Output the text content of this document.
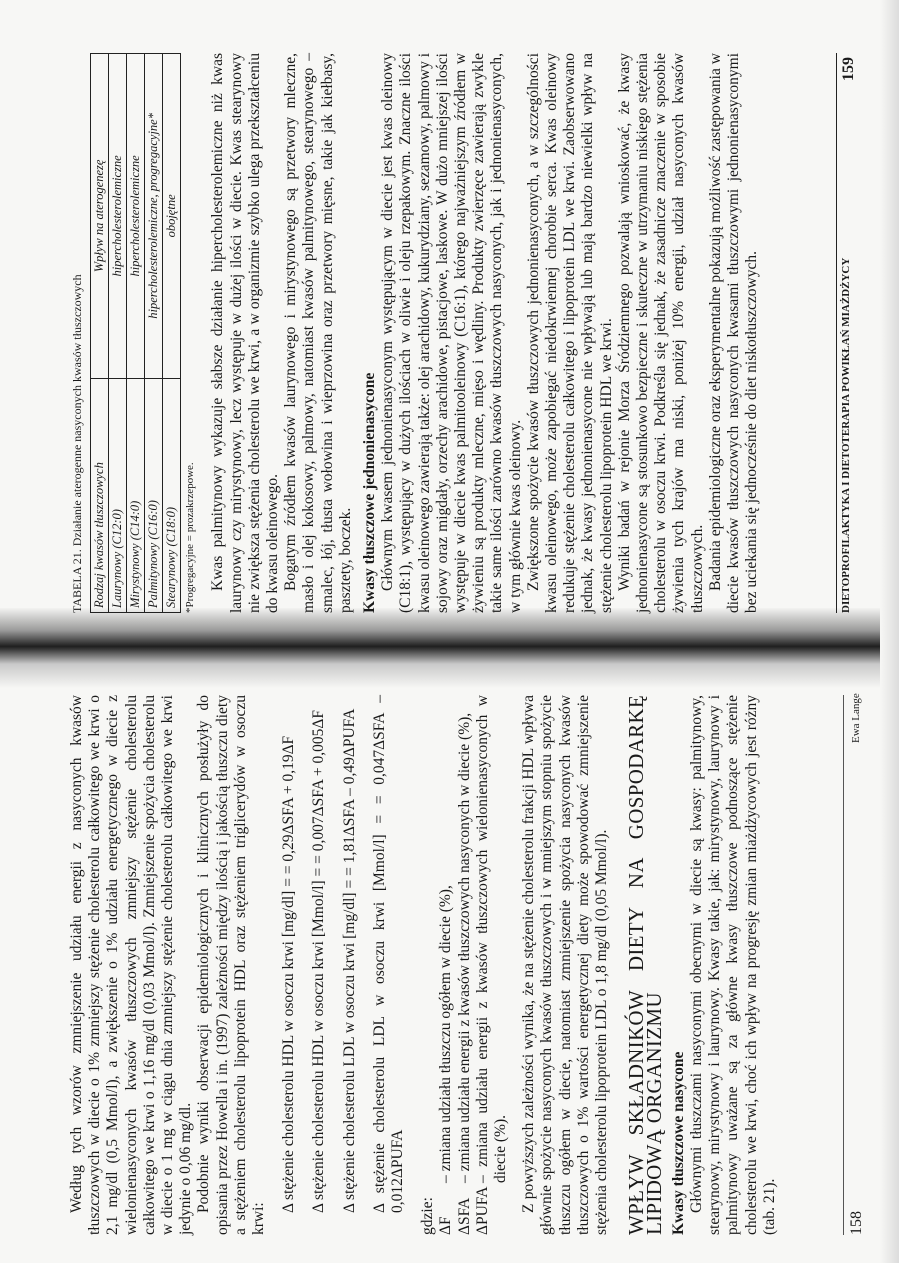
Według tych wzorów zmniejszenie udziału energii z nasyconych kwasów tłuszczowych w diecie o 1% zmniejszy stężenie cholesterolu całkowitego we krwi o 2,1 mg/dl (0,5 Mmol/l), a zwiększenie o 1% udziału energetycznego w diecie z wielonienasyconych kwasów tłuszczowych zmniejszy stężenie cholesterolu całkowitego we krwi o 1,16 mg/dl (0,03 Mmol/l). Zmniejszenie spożycia cholesterolu w diecie o 1 mg w ciągu dnia zmniejszy stężenie cholesterolu całkowitego we krwi jedynie o 0,06 mg/dl. Podobnie wyniki obserwacji epidemiologicznych i klinicznych posłużyły do opisania przez Howella i in. (1997) zależności między ilością i jakością tłuszczu diety a stężeniem cholesterolu lipoprotein HDL oraz stężeniem triglicerydów w osoczu krwi:

Δ stężenie cholesterolu HDL w osoczu krwi [mg/dl] = = 0,29ΔSFA + 0,19ΔF Δ stężenie cholesterolu HDL w osoczu krwi [Mmol/l] = = 0,007ΔSFA + 0,005ΔF Δ stężenie cholesterolu LDL w osoczu krwi [mg/dl] = = 1,81ΔSFA – 0,49ΔPUFA Δ stężenie cholesterolu LDL w osoczu krwi [Mmol/l] = = 0,047ΔSFA – 0,012ΔPUFA

gdzie: ΔF
– zmiana udziału tłuszczu ogółem w diecie (%),
ΔSFA
– zmiana udziału energii z kwasów tłuszczowych nasyconych w diecie (%),
ΔPUFA
– zmiana udziału energii z kwasów tłuszczowych wielonienasyconych w diecie (%). Z powyższych zależności wynika, że na stężenie cholesterolu frakcji HDL wpływa głównie spożycie nasyconych kwasów tłuszczowych i w mniejszym stopniu spożycie tłuszczu ogółem w diecie, natomiast zmniejszenie spożycia nasyconych kwasów tłuszczowych o 1% wartości energetycznej diety może spowodować zmniejszenie stężenia cholesterolu lipoprotein LDL o 1,8 mg/dl (0,05 Mmol/l). WPŁYW SKŁADNIKÓW DIETY NA GOSPODARKĘ LIPIDOWĄ ORGANIZMU Kwasy tłuszczowe nasycone Głównymi tłuszczami nasyconymi obecnymi w diecie są kwasy: palmitynowy, stearynowy, mirystynowy i laurynowy. Kwasy takie, jak: mirystynowy, laurynowy i palmitynowy uważane są za główne kwasy tłuszczowe podnoszące stężenie cholesterolu we krwi, choć ich wpływ na progresję zmian miażdżycowych jest różny (tab. 21).	158
Ewa Lange

TABELA 21. Działanie aterogenne nasyconych kwasów tłuszczowych Rodzaj kwasów tłuszczowych	Wpływ na aterogenezę
Laurynowy (C12:0)	hipercholesterolemiczne
Mirystynowy (C14:0)	hipercholesterolemiczne
Palmitynowy (C16:0)	hipercholesterolemiczne, progregacyjne*
Stearynowy (C18:0)	obojętne

*Progregacyjne = prozakrzepowe. Kwas palmitynowy wykazuje słabsze działanie hipercholesterolemiczne niż kwas laurynowy czy mirystynowy, lecz występuje w dużej ilości w diecie. Kwas stearynowy nie zwiększa stężenia cholesterolu we krwi, a w organizmie szybko ulega przekształceniu do kwasu oleinowego. Bogatym źródłem kwasów laurynowego i mirystynowego są przetwory mleczne, masło i olej kokosowy, palmowy, natomiast kwasów palmitynowego, stearynowego – smalec, łój, tłusta wołowina i wieprzowina oraz przetwory mięsne, takie jak kiełbasy, pasztety, boczek. Kwasy tłuszczowe jednonienasycone Głównym kwasem jednonienasyconym występującym w diecie jest kwas oleinowy (C18:1), występujący w dużych ilościach w oliwie i oleju rzepakowym. Znaczne ilości kwasu oleinowego zawierają także: olej arachidowy, kukurydziany, sezamowy, palmowy i sojowy oraz migdały, orzechy arachidowe, pistacjowe, laskowe. W dużo mniejszej ilości występuje w diecie kwas palmitooleinowy (C16:1), którego najważniejszym źródłem w żywieniu są produkty mleczne, mięso i wędliny. Produkty zwierzęce zawierają zwykle takie same ilości zarówno kwasów tłuszczowych nasyconych, jak i jednonienasyconych, w tym głównie kwas oleinowy. Zwiększone spożycie kwasów tłuszczowych jednonienasyconych, a w szczególności kwasu oleinowego, może zapobiegać niedokrwiennej chorobie serca. Kwas oleinowy redukuje stężenie cholesterolu całkowitego i lipoprotein LDL we krwi. Zaobserwowano jednak, że kwasy jednonienasycone nie wpływają lub mają bardzo niewielki wpływ na stężenie cholesterolu lipoprotein HDL we krwi. Wyniki badań w rejonie Morza Śródziemnego pozwalają wnioskować, że kwasy jednonienasycone są stosunkowo bezpieczne i skuteczne w utrzymaniu niskiego stężenia cholesterolu w osoczu krwi. Podkreśla się jednak, że zasadnicze znaczenie w sposobie żywienia tych krajów ma niski, poniżej 10% energii, udział nasyconych kwasów tłuszczowych. Badania epidemiologiczne oraz eksperymentalne pokazują możliwość zastępowania w diecie kwasów tłuszczowych nasyconych kwasami tłuszczowymi jednonienasyconymi bez uciekania się jednocześnie do diet niskotłuszczowych.	DIETOPROFILAKTYKA I DIETOTERAPIA POWIKŁAŃ MIAŻDŻYCY
159
